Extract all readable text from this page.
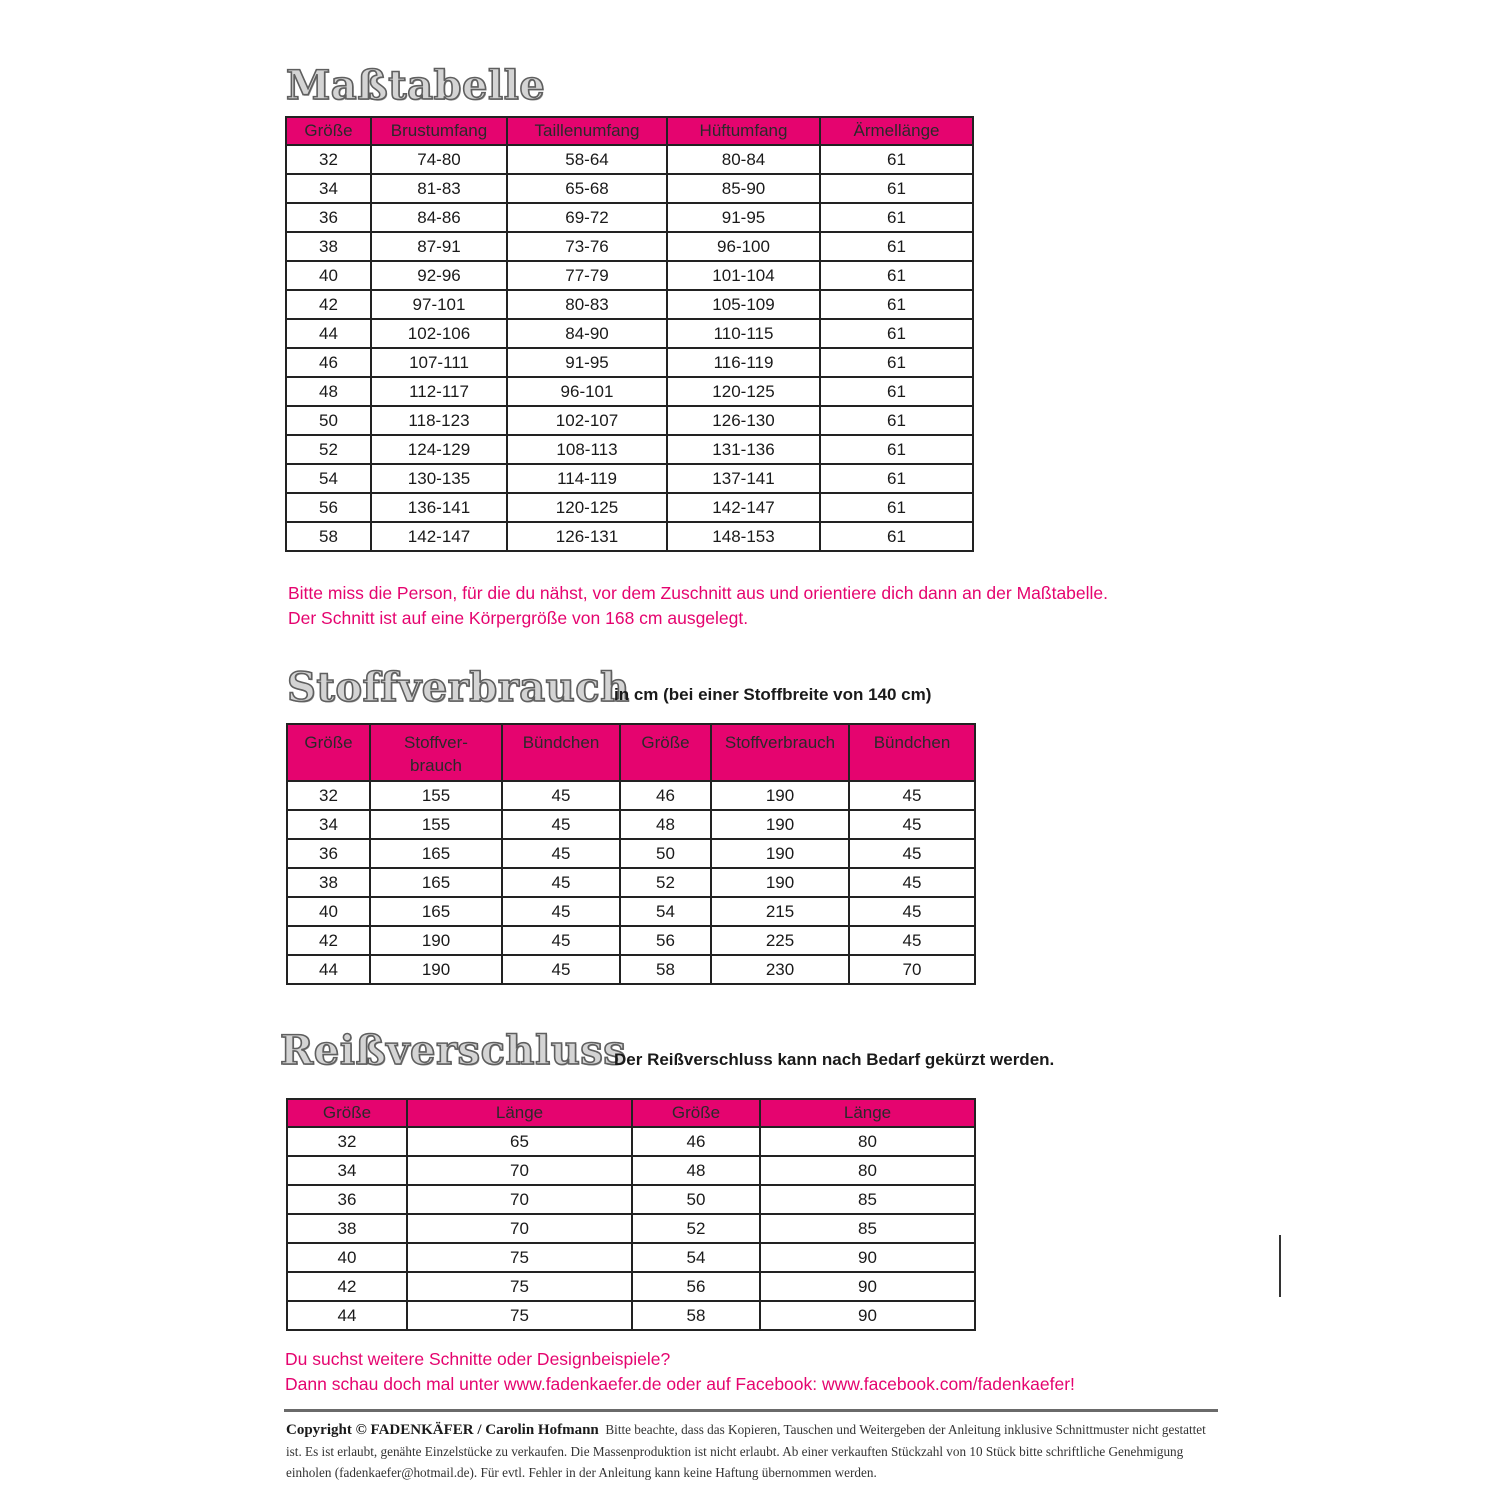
Maßtabelle
Größe	Brustumfang	Taillenumfang	Hüftumfang	Ärmellänge
32	74-80	58-64	80-84	61
34	81-83	65-68	85-90	61
36	84-86	69-72	91-95	61
38	87-91	73-76	96-100	61
40	92-96	77-79	101-104	61
42	97-101	80-83	105-109	61
44	102-106	84-90	110-115	61
46	107-111	91-95	116-119	61
48	112-117	96-101	120-125	61
50	118-123	102-107	126-130	61
52	124-129	108-113	131-136	61
54	130-135	114-119	137-141	61
56	136-141	120-125	142-147	61
58	142-147	126-131	148-153	61
Bitte miss die Person, für die du nähst, vor dem Zuschnitt aus und orientiere dich dann an der Maßtabelle.
Der Schnitt ist auf eine Körpergröße von 168 cm ausgelegt.
Stoffverbrauch
in cm (bei einer Stoffbreite von 140 cm)
Größe	Stoffver-
brauch	Bündchen	Größe	Stoffverbrauch	Bündchen
32	155	45	46	190	45
34	155	45	48	190	45
36	165	45	50	190	45
38	165	45	52	190	45
40	165	45	54	215	45
42	190	45	56	225	45
44	190	45	58	230	70
Reißverschluss
Der Reißverschluss kann nach Bedarf gekürzt werden.
Größe	Länge	Größe	Länge
32	65	46	80
34	70	48	80
36	70	50	85
38	70	52	85
40	75	54	90
42	75	56	90
44	75	58	90
Du suchst weitere Schnitte oder Designbeispiele?
Dann schau doch mal unter www.fadenkaefer.de oder auf Facebook: www.facebook.com/fadenkaefer!
Copyright © FADENKÄFER / Carolin Hofmann Bitte beachte, dass das Kopieren, Tauschen und Weitergeben der Anleitung inklusive Schnittmuster nicht gestattet ist. Es ist erlaubt, genähte Einzelstücke zu verkaufen. Die Massenproduktion ist nicht erlaubt. Ab einer verkauften Stückzahl von 10 Stück bitte schriftliche Genehmigung einholen (fadenkaefer@hotmail.de). Für evtl. Fehler in der Anleitung kann keine Haftung übernommen werden.
